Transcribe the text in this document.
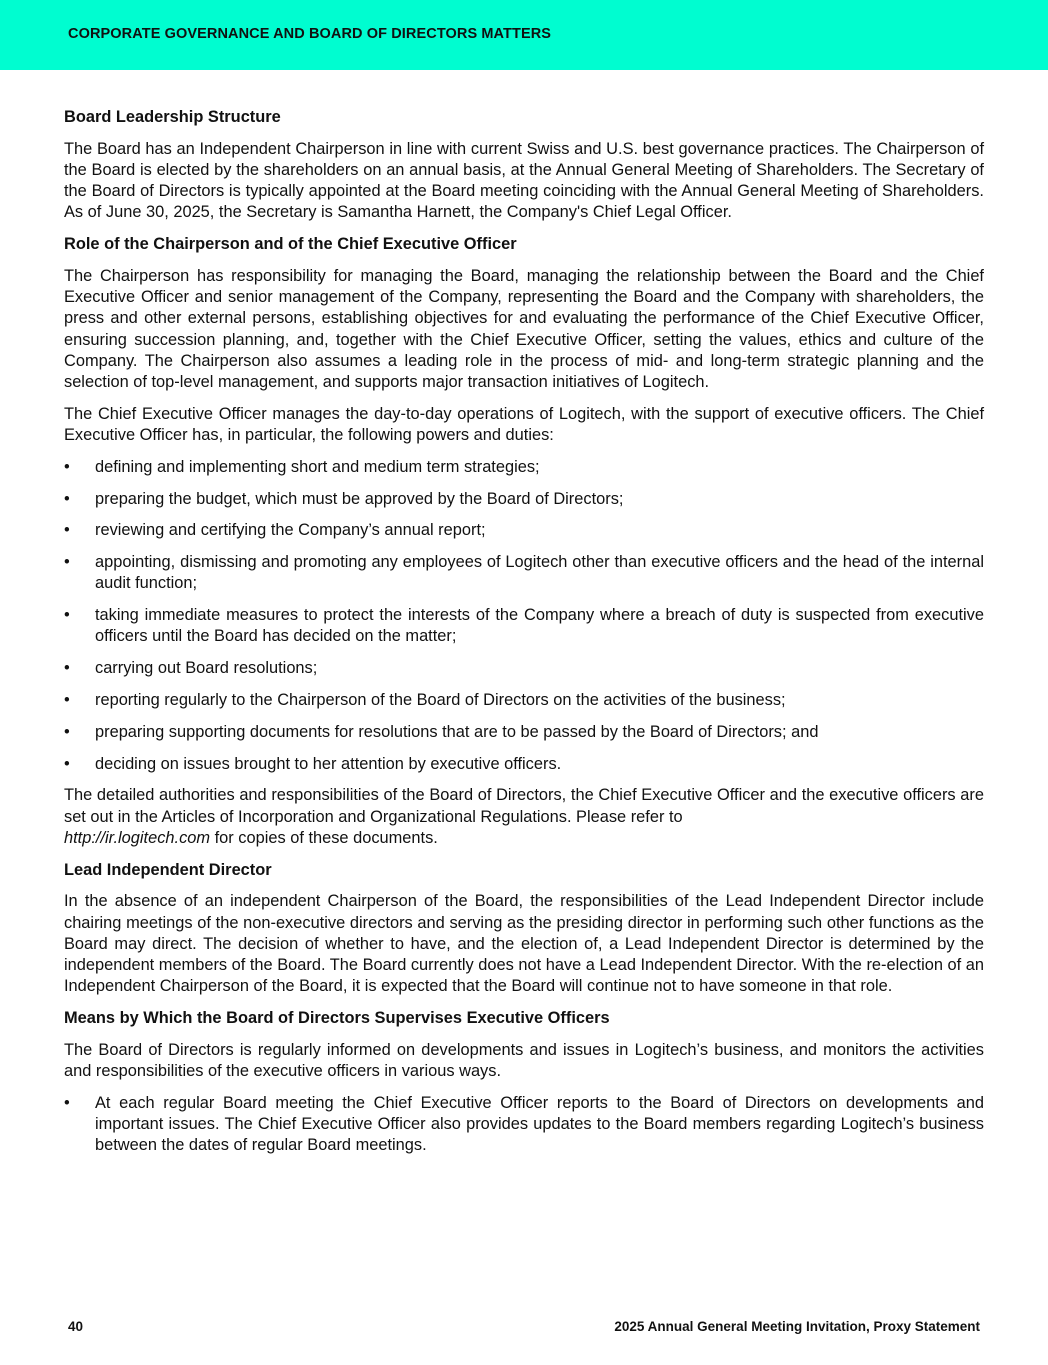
CORPORATE GOVERNANCE AND BOARD OF DIRECTORS MATTERS
Board Leadership Structure

The Board has an Independent Chairperson in line with current Swiss and U.S. best governance practices. The Chairperson of the Board is elected by the shareholders on an annual basis, at the Annual General Meeting of Shareholders. The Secretary of the Board of Directors is typically appointed at the Board meeting coinciding with the Annual General Meeting of Shareholders. As of June 30, 2025, the Secretary is Samantha Harnett, the Company's Chief Legal Officer.

Role of the Chairperson and of the Chief Executive Officer

The Chairperson has responsibility for managing the Board, managing the relationship between the Board and the Chief Executive Officer and senior management of the Company, representing the Board and the Company with shareholders, the press and other external persons, establishing objectives for and evaluating the performance of the Chief Executive Officer, ensuring succession planning, and, together with the Chief Executive Officer, setting the values, ethics and culture of the Company. The Chairperson also assumes a leading role in the process of mid- and long-term strategic planning and the selection of top-level management, and supports major transaction initiatives of Logitech.

The Chief Executive Officer manages the day-to-day operations of Logitech, with the support of executive officers. The Chief Executive Officer has, in particular, the following powers and duties:

•	defining and implementing short and medium term strategies;
•	preparing the budget, which must be approved by the Board of Directors;
•	reviewing and certifying the Company’s annual report;
•	appointing, dismissing and promoting any employees of Logitech other than executive officers and the head of the internal audit function;
•	taking immediate measures to protect the interests of the Company where a breach of duty is suspected from executive officers until the Board has decided on the matter;
•	carrying out Board resolutions;
•	reporting regularly to the Chairperson of the Board of Directors on the activities of the business;
•	preparing supporting documents for resolutions that are to be passed by the Board of Directors; and
•	deciding on issues brought to her attention by executive officers.

The detailed authorities and responsibilities of the Board of Directors, the Chief Executive Officer and the executive officers are set out in the Articles of Incorporation and Organizational Regulations. Please refer to
http://ir.logitech.com for copies of these documents.

Lead Independent Director

In the absence of an independent Chairperson of the Board, the responsibilities of the Lead Independent Director include chairing meetings of the non-executive directors and serving as the presiding director in performing such other functions as the Board may direct. The decision of whether to have, and the election of, a Lead Independent Director is determined by the independent members of the Board. The Board currently does not have a Lead Independent Director. With the re-election of an Independent Chairperson of the Board, it is expected that the Board will continue not to have someone in that role.

Means by Which the Board of Directors Supervises Executive Officers

The Board of Directors is regularly informed on developments and issues in Logitech’s business, and monitors the activities and responsibilities of the executive officers in various ways.

•	At each regular Board meeting the Chief Executive Officer reports to the Board of Directors on developments and important issues. The Chief Executive Officer also provides updates to the Board members regarding Logitech’s business between the dates of regular Board meetings.
40	2025 Annual General Meeting Invitation, Proxy Statement
